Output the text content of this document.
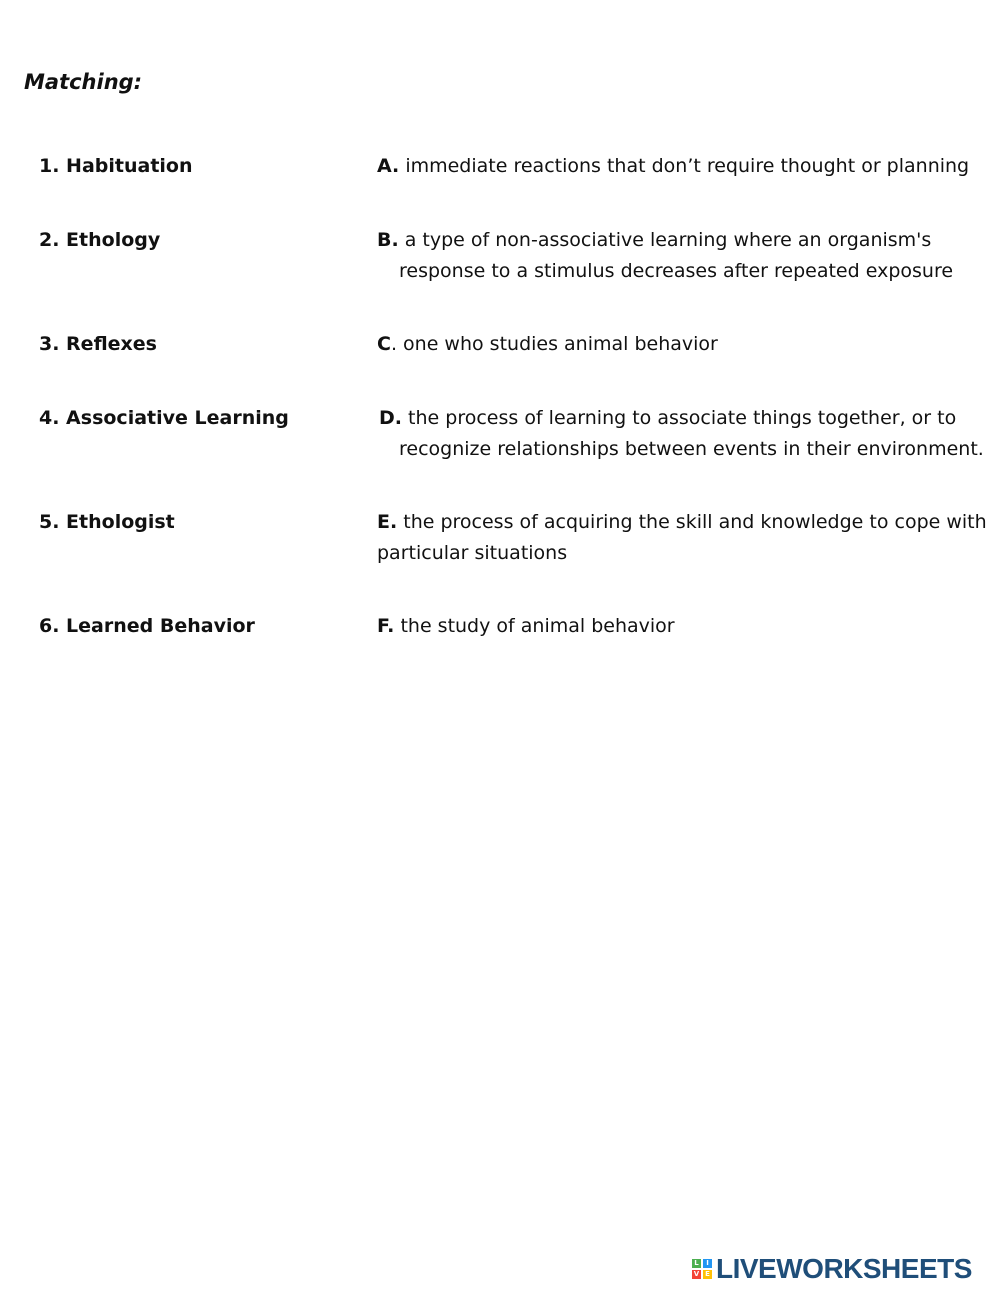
Matching:
1. Habituation
2. Ethology
3. Reflexes
4. Associative Learning
5. Ethologist
6. Learned Behavior
A. immediate reactions that don’t require thought or planning
B. a type of non-associative learning where an organism's
response to a stimulus decreases after repeated exposure
C. one who studies animal behavior
D. the process of learning to associate things together, or to
recognize relationships between events in their environment.
E. the process of acquiring the skill and knowledge to cope with
particular situations
F. the study of animal behavior
L	I
V E LIVEWORKSHEETS
